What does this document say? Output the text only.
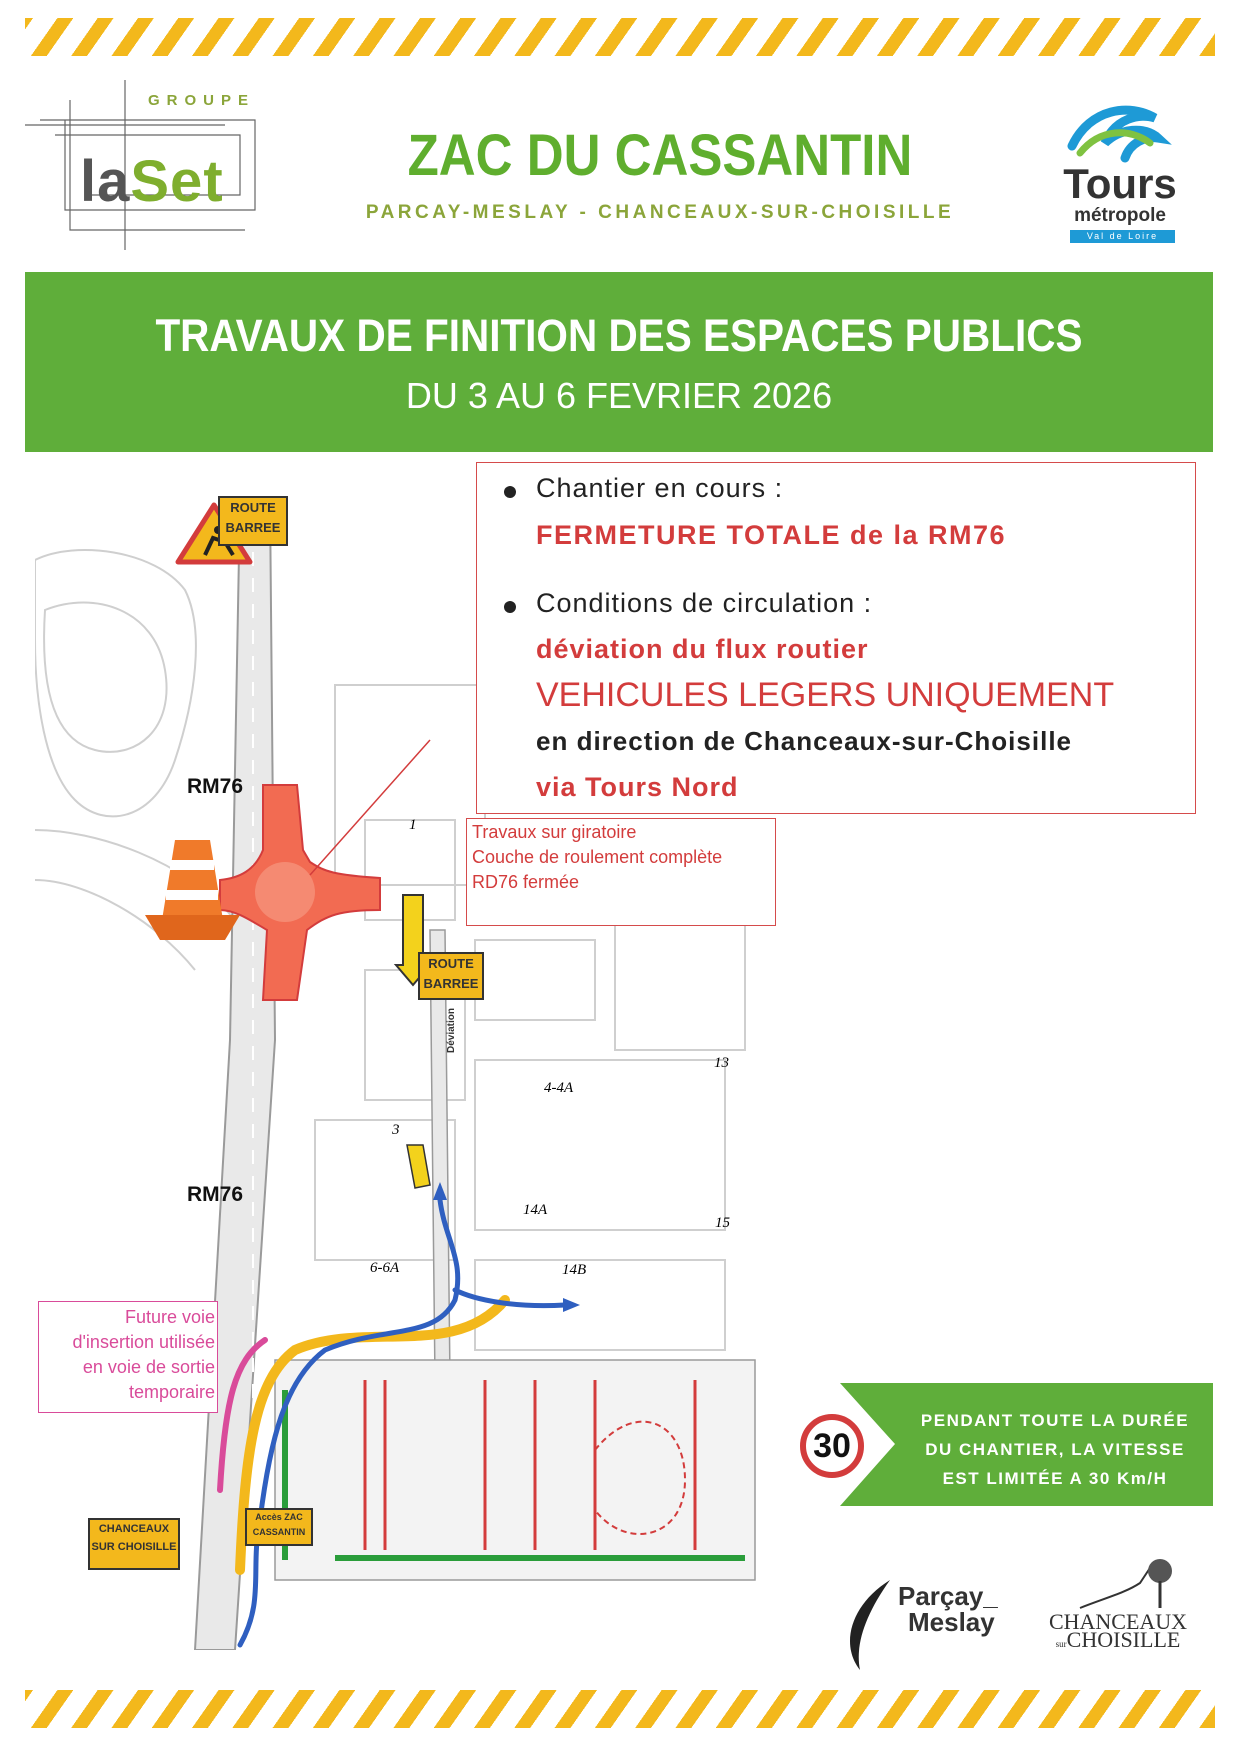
GROUPE
laSet	ZAC DU CASSANTIN
PARCAY-MESLAY - CHANCEAUX-SUR-CHOISILLE
Tours
métropole
Val de Loire
TRAVAUX DE FINITION DES ESPACES PUBLICS
DU 3 AU 6 FEVRIER 2026
ROUTE
BARREE
ROUTE
BARREE
Déviation
RM76
RM76
1
3
4-4A
13
14A
14B
15
6-6A
CHANCEAUX
SUR CHOISILLE
Accès ZAC
CASSANTIN
Travaux sur giratoire
Couche de roulement complète
RD76 fermée
Future voie
d'insertion utilisée
en voie de sortie
temporaire
Chantier en cours :
FERMETURE TOTALE de la RM76
Conditions de circulation :
déviation du flux routier
VEHICULES LEGERS UNIQUEMENT
en direction de Chanceaux-sur-Choisille
via Tours Nord
30
PENDANT TOUTE LA DURÉE
DU CHANTIER, LA VITESSE
EST LIMITÉE A 30 Km/H
Parçay_
Meslay CHANCEAUX
surCHOISILLE
